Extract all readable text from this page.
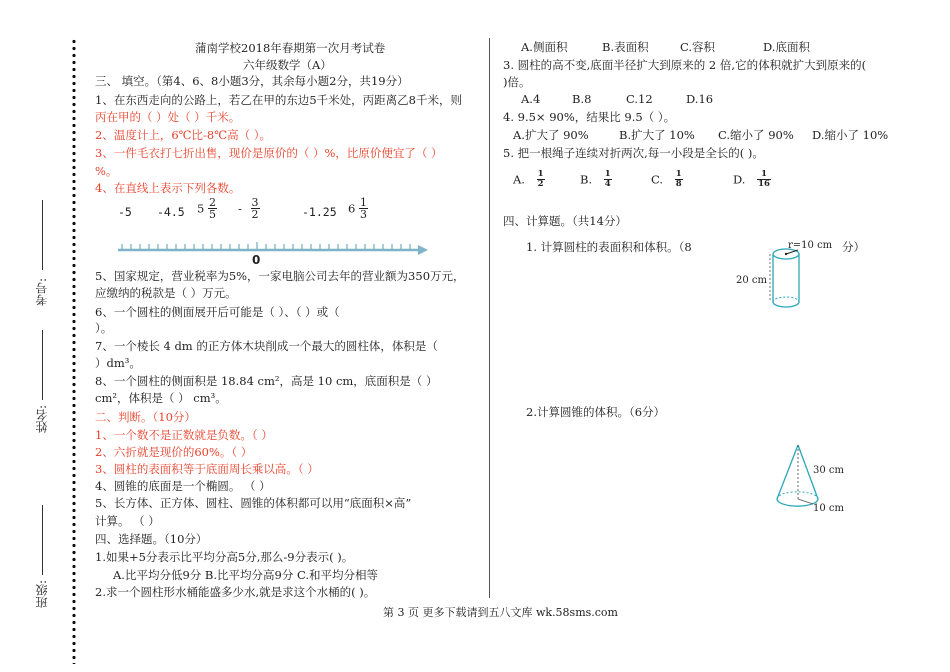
考号:
姓名:
班级:
蒲南学校2018年春期第一次月考试卷
六年级数学（A）
三、 填空。（第4、6、8小题3分，其余每小题2分，共19分）
1、在东西走向的公路上，若乙在甲的东边5千米处，丙距离乙8千米，则
丙在甲的（ ）处（ ）千米。
2、温度计上，6℃比-8℃高（ ）。
3、一件毛衣打七折出售，现价是原价的（ ）%，比原价便宜了（ ）
%。
4、在直线上表示下列各数。
-5 -4.5 $5 \frac{2}{5} - \frac{3}{2}$	-1.25 $6 \frac{1}{3}$
0
5、国家规定，营业税率为5%，一家电脑公司去年的营业额为350万元，
应缴纳的税款是（ ）万元。
6、一个圆柱的侧面展开后可能是（ ）、（ ）或（
）。
7、一个棱长 4 dm 的正方体木块削成一个最大的圆柱体，体积是（
）dm³。
8、一个圆柱的侧面积是 18.84 cm²，高是 10 cm，底面积是（ ）
cm²，体积是（ ） cm³。
二、判断。（10分）
1、一个数不是正数就是负数。（ ）
2、六折就是现价的60%。（ ）
3、圆柱的表面积等于底面周长乘以高。（ ）
4、圆锥的底面是一个椭圆。 （ ）
5、长方体、正方体、圆柱、圆锥的体积都可以用“底面积×高”
计算。 （ ）
四、选择题。（10分）
1.如果+5分表示比平均分高5分,那么-9分表示( )。
A.比平均分低9分 B.比平均分高9分 C.和平均分相等
2.求一个圆柱形水桶能盛多少水,就是求这个水桶的( )。
A.侧面积	B.表面积	C.容积	D.底面积
3. 圆柱的高不变,底面半径扩大到原来的 2 倍,它的体积就扩大到原来的(
)倍。
A.4	B.8	C.12	D.16
4. 9.5× 90%，结果比 9.5（ ）。
A.扩大了 90%	B.扩大了 10% C.缩小了 90% D.缩小了 10%
5. 把一根绳子连续对折两次,每一小段是全长的( )。
A. $\frac{1}{2}$	B. $\frac{1}{4}$	C. $\frac{1}{8}$	D. $\frac{1}{16}$
四、计算题。（共14分）
1. 计算圆柱的表面积和体积。（8	分）
r=10 cm
20 cm
2.计算圆锥的体积。（6分）
30 cm
10 cm
第 3 页 更多下载请到五八文库 wk.58sms.com
